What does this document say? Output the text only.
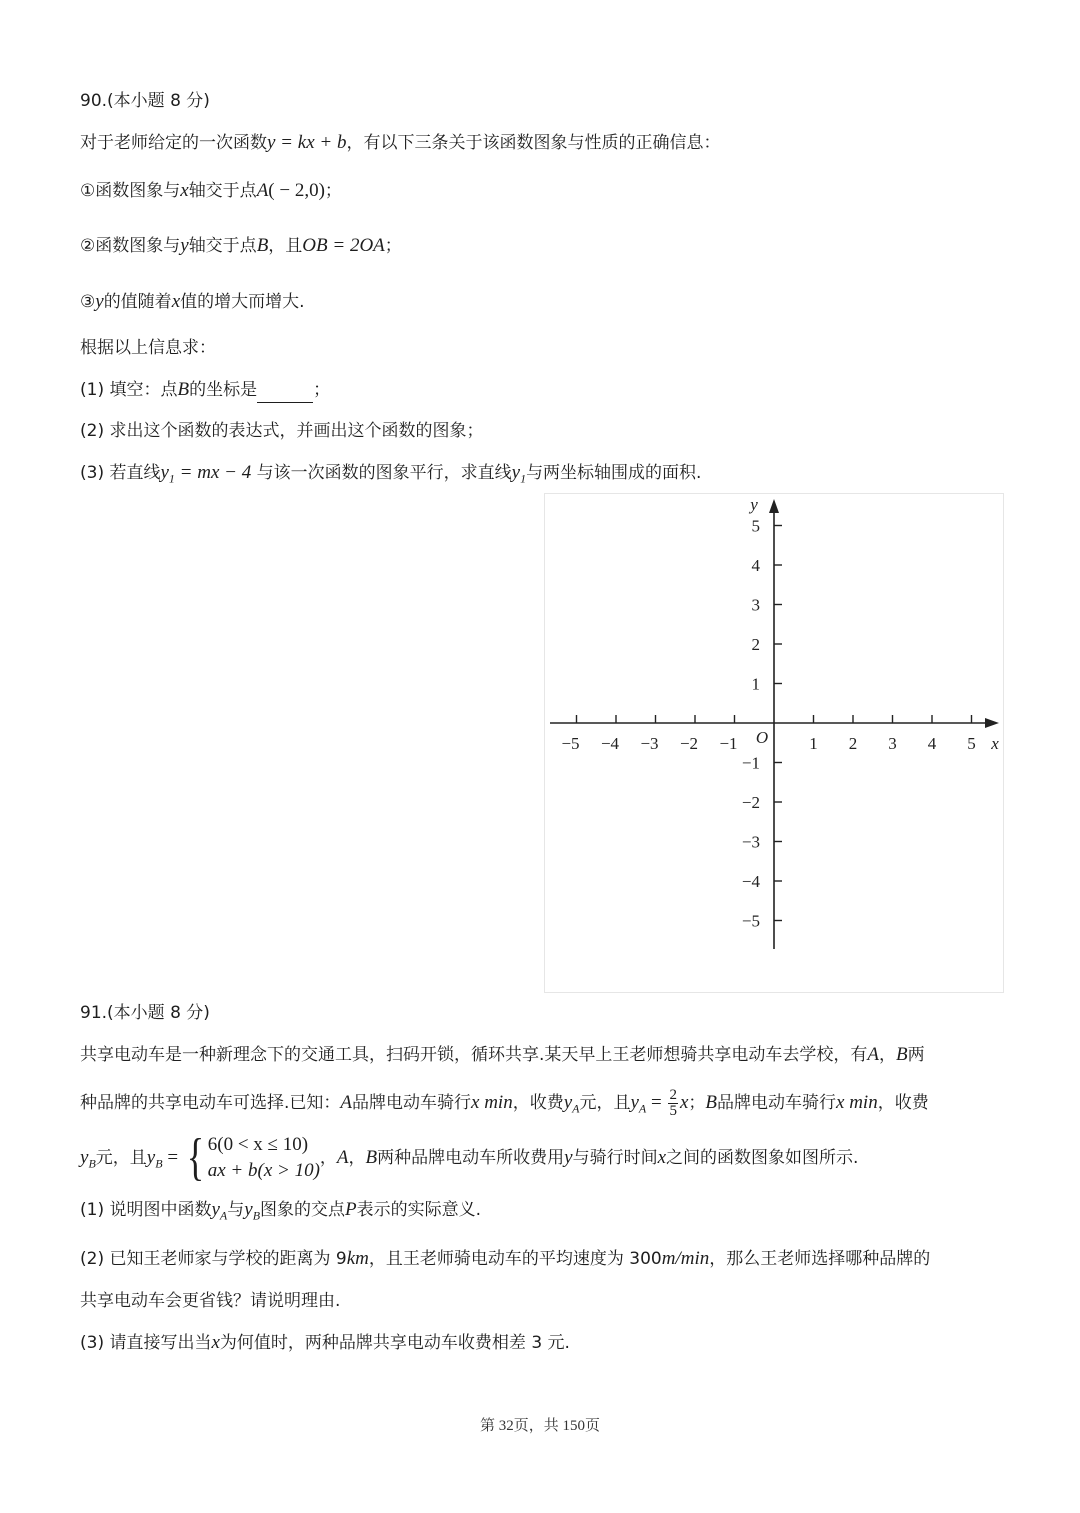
90.(本小题 8 分)
对于老师给定的一次函数y = kx + b，有以下三条关于该函数图象与性质的正确信息：
①函数图象与x轴交于点A( − 2,0)；
②函数图象与y轴交于点B，且OB = 2OA；
③y的值随着x值的增大而增大.
根据以上信息求：
(1) 填空：点B的坐标是	；
(2) 求出这个函数的表达式，并画出这个函数的图象；
(3) 若直线$y_1$ = mx − 4 与该一次函数的图象平行，求直线$y_1$与两坐标轴围成的面积.
−5 −4 −3 −2 −1	1 2 3 4 5
5
4
3
2
1
−1
−2
−3
−4
−5
x
y
O
91.(本小题 8 分)
共享电动车是一种新理念下的交通工具，扫码开锁，循环共享.某天早上王老师想骑共享电动车去学校，有A，B两
种品牌的共享电动车可选择.已知：A品牌电动车骑行x min，收费$y_A$元，且$y_A = \frac{2}{5}$ x；B品牌电动车骑行x min，收费
$y_B$元，且$y_B$ = { 6(0 < x ≤ 10)
ax + b(x > 10)
，A，B两种品牌电动车所收费用y与骑行时间x之间的函数图象如图所示.
(1) 说明图中函数$y_A$与$y_B$图象的交点P表示的实际意义.
(2) 已知王老师家与学校的距离为 9km，且王老师骑电动车的平均速度为 300m/min，那么王老师选择哪种品牌的
共享电动车会更省钱？请说明理由.
(3) 请直接写出当x为何值时，两种品牌共享电动车收费相差 3 元.
第 32页，共 150页
